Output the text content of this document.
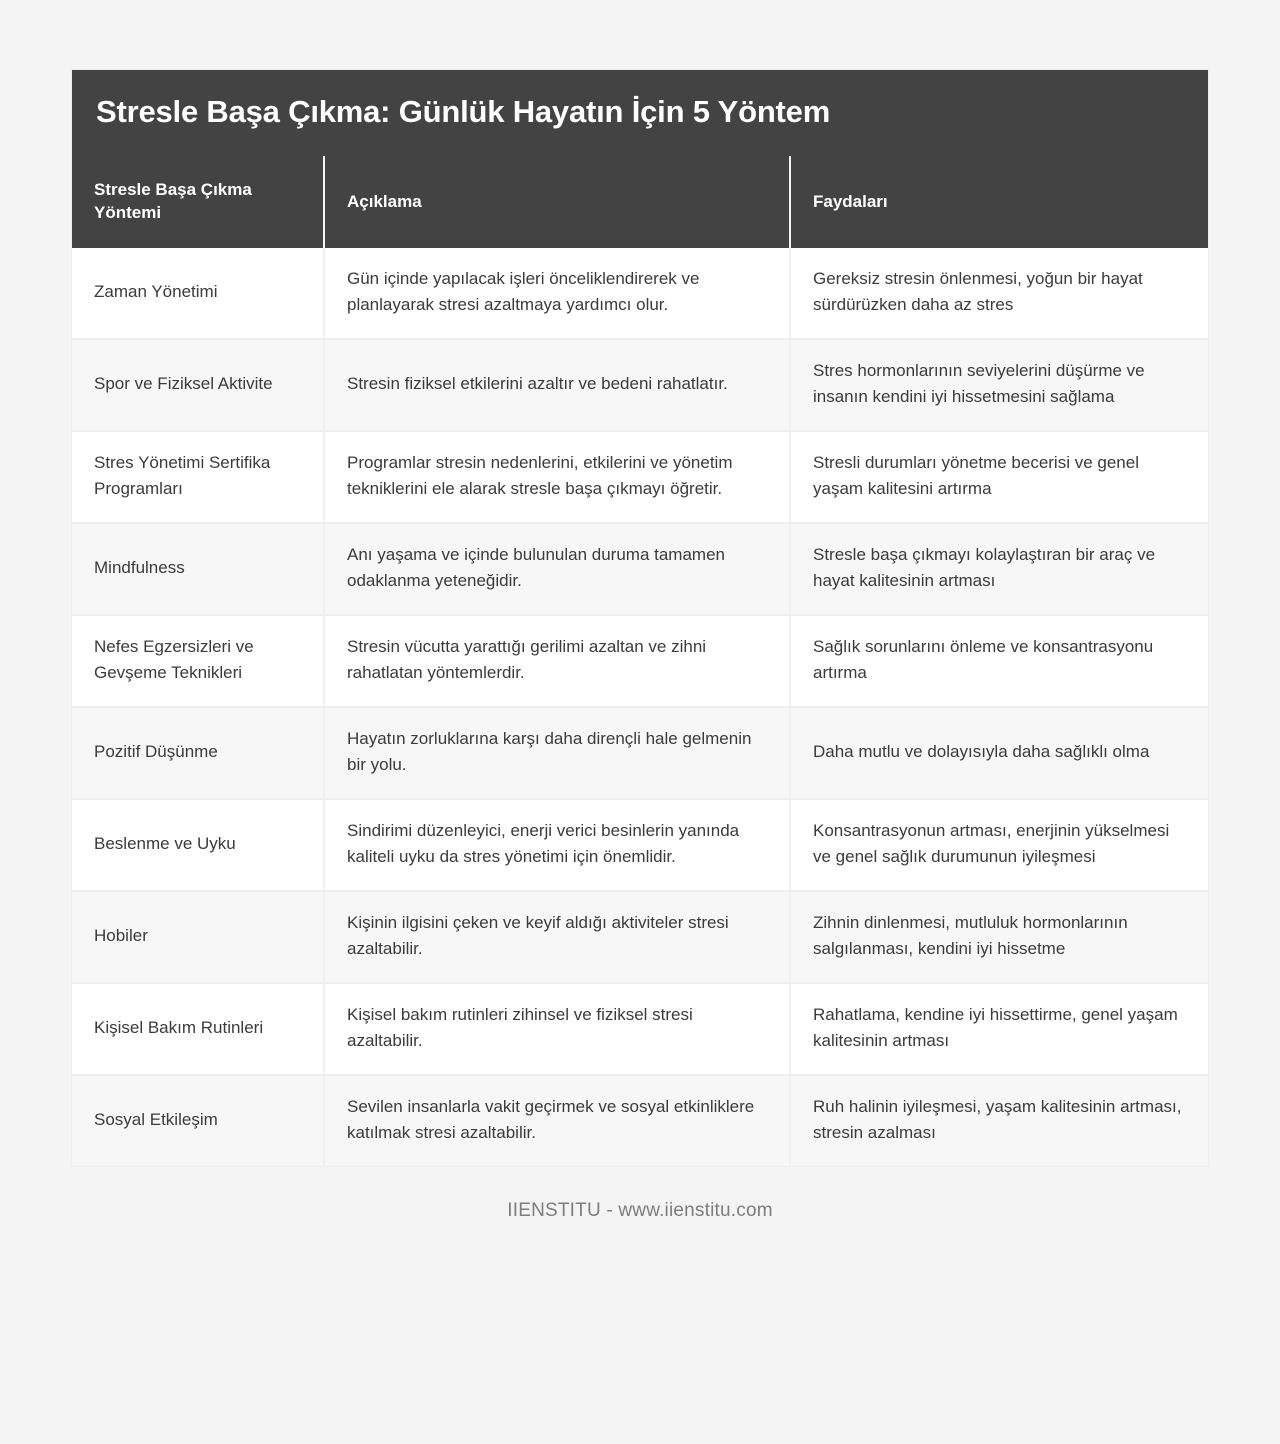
Stresle Başa Çıkma: Günlük Hayatın İçin 5 Yöntem
Stresle Başa Çıkma Yöntemi	Açıklama	Faydaları
Zaman Yönetimi	Gün içinde yapılacak işleri önceliklendirerek ve planlayarak stresi azaltmaya yardımcı olur.	Gereksiz stresin önlenmesi, yoğun bir hayat sürdürüzken daha az stres
Spor ve Fiziksel Aktivite	Stresin fiziksel etkilerini azaltır ve bedeni rahatlatır.	Stres hormonlarının seviyelerini düşürme ve insanın kendini iyi hissetmesini sağlama
Stres Yönetimi Sertifika Programları	Programlar stresin nedenlerini, etkilerini ve yönetim tekniklerini ele alarak stresle başa çıkmayı öğretir.	Stresli durumları yönetme becerisi ve genel yaşam kalitesini artırma
Mindfulness	Anı yaşama ve içinde bulunulan duruma tamamen odaklanma yeteneğidir.	Stresle başa çıkmayı kolaylaştıran bir araç ve hayat kalitesinin artması
Nefes Egzersizleri ve Gevşeme Teknikleri	Stresin vücutta yarattığı gerilimi azaltan ve zihni rahatlatan yöntemlerdir.	Sağlık sorunlarını önleme ve konsantrasyonu artırma
Pozitif Düşünme	Hayatın zorluklarına karşı daha dirençli hale gelmenin bir yolu.	Daha mutlu ve dolayısıyla daha sağlıklı olma
Beslenme ve Uyku	Sindirimi düzenleyici, enerji verici besinlerin yanında kaliteli uyku da stres yönetimi için önemlidir.	Konsantrasyonun artması, enerjinin yükselmesi ve genel sağlık durumunun iyileşmesi
Hobiler	Kişinin ilgisini çeken ve keyif aldığı aktiviteler stresi azaltabilir.	Zihnin dinlenmesi, mutluluk hormonlarının salgılanması, kendini iyi hissetme
Kişisel Bakım Rutinleri	Kişisel bakım rutinleri zihinsel ve fiziksel stresi azaltabilir.	Rahatlama, kendine iyi hissettirme, genel yaşam kalitesinin artması
Sosyal Etkileşim	Sevilen insanlarla vakit geçirmek ve sosyal etkinliklere katılmak stresi azaltabilir.	Ruh halinin iyileşmesi, yaşam kalitesinin artması, stresin azalması
IIENSTITU - www.iienstitu.com
